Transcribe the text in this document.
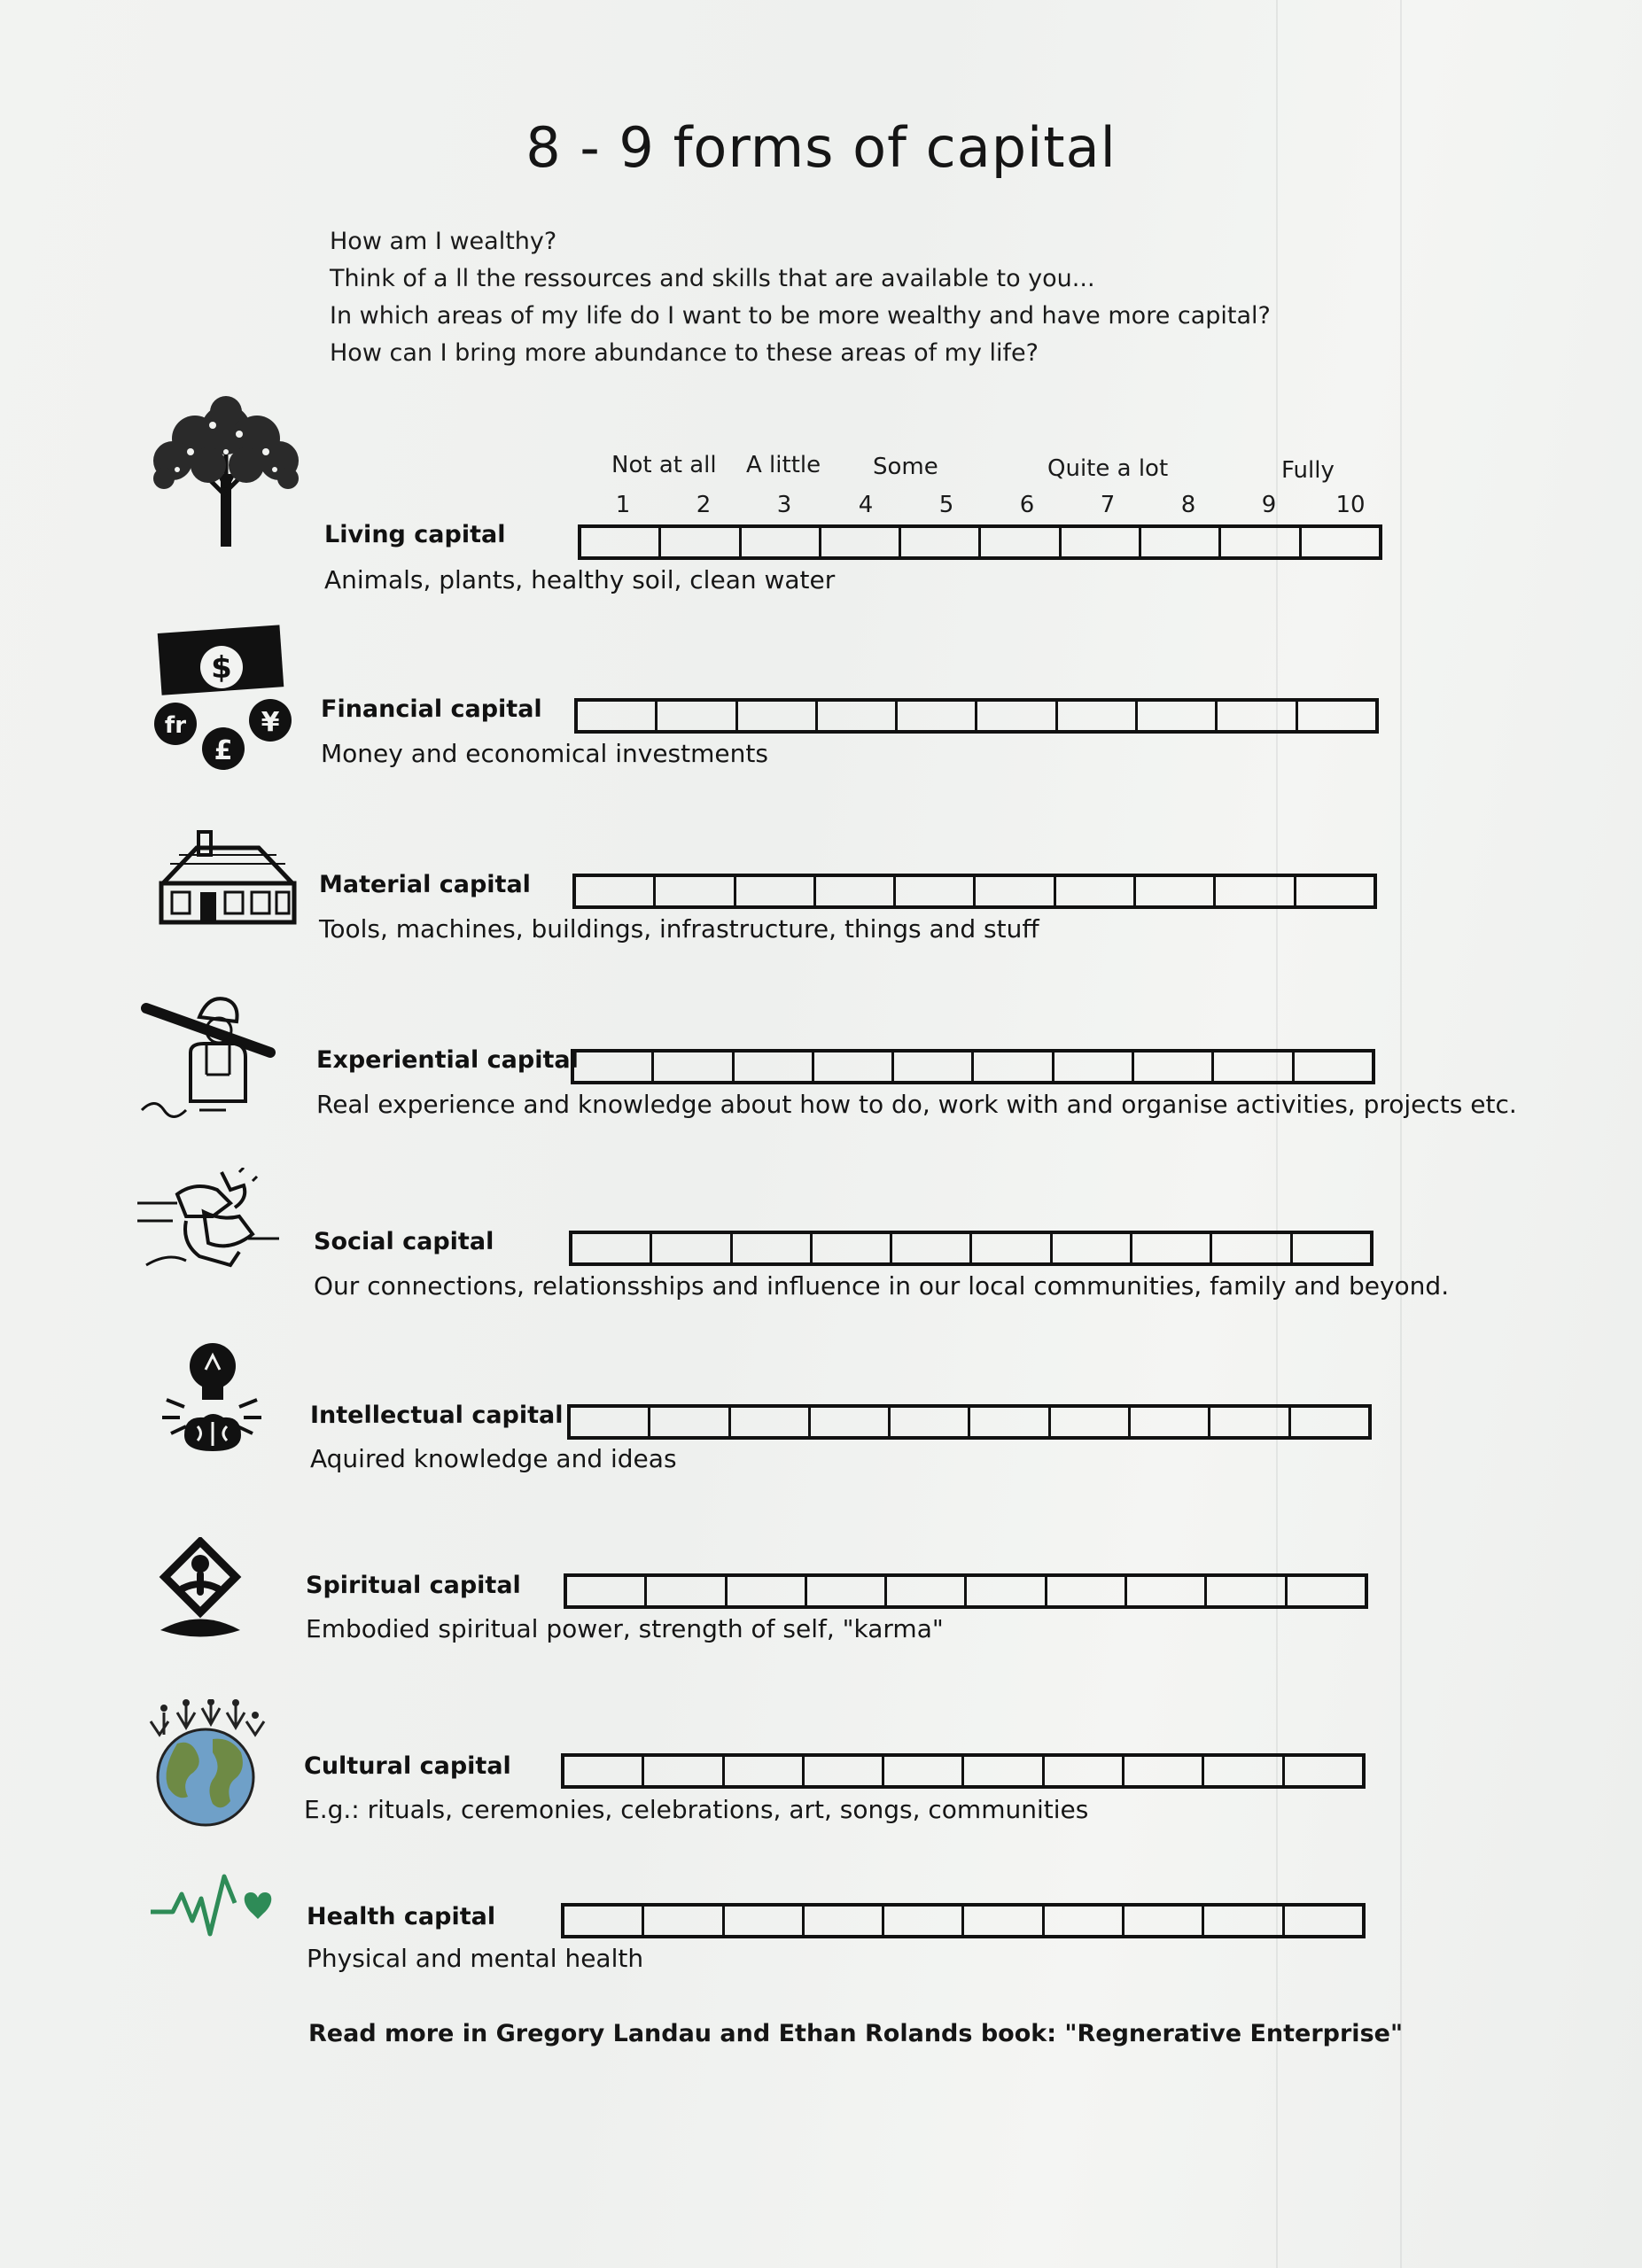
8 - 9 forms of capital
How am I wealthy?
Think of a ll the ressources and skills that are available to you...
In which areas of my life do I want to be more wealthy and have more capital?
How can I bring more abundance to these areas of my life?
Not at all A little Some	Quite a lot	Fully
1	2	3	4	5	6	7	8	9	10
Living capital
Animals, plants, healthy soil, clean water
$
fr	¥
£
Financial capital
Money and economical investments
Material capital
Tools, machines, buildings, infrastructure, things and stuff
Experiential capital
Real experience and knowledge about how to do, work with and organise activities, projects etc.
Social capital
Our connections, relationsships and influence in our local communities, family and beyond.
Intellectual capital
Aquired knowledge and ideas
Spiritual capital
Embodied spiritual power, strength of self, "karma"
Cultural capital
E.g.: rituals, ceremonies, celebrations, art, songs, communities
Health capital
Physical and mental health
Read more in Gregory Landau and Ethan Rolands book: "Regnerative Enterprise"
